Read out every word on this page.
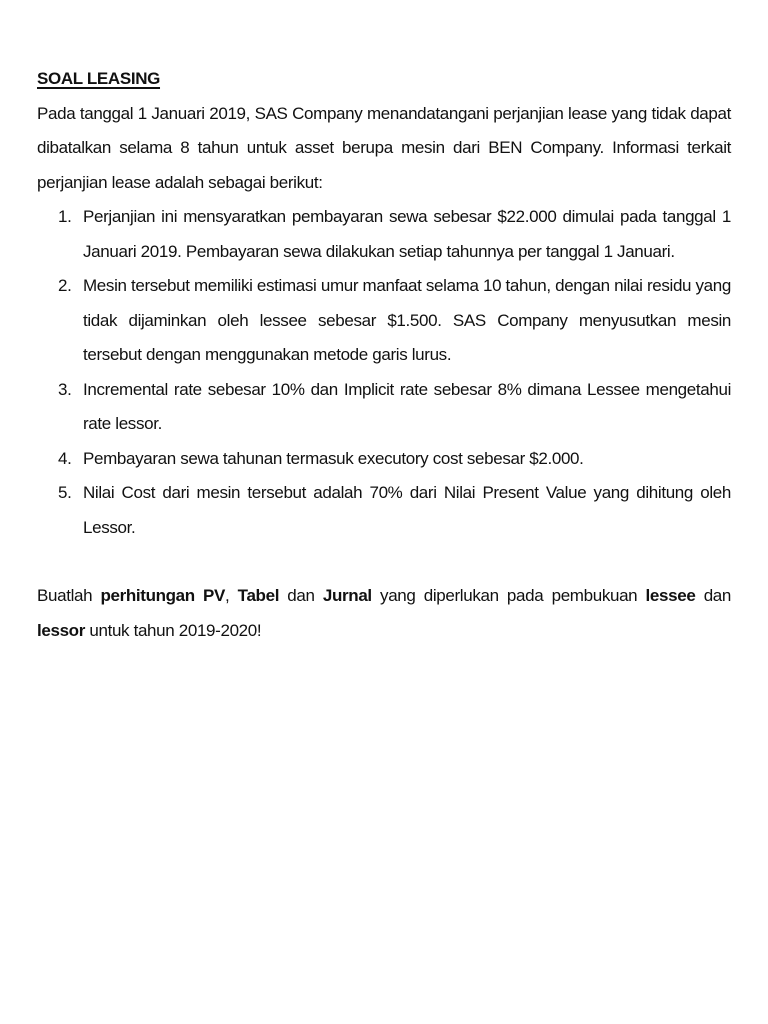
SOAL LEASING

Pada tanggal 1 Januari 2019, SAS Company menandatangani perjanjian lease yang tidak dapat dibatalkan selama 8 tahun untuk asset berupa mesin dari BEN Company. Informasi terkait perjanjian lease adalah sebagai berikut:

1. Perjanjian ini mensyaratkan pembayaran sewa sebesar $22.000 dimulai pada tanggal 1 Januari 2019. Pembayaran sewa dilakukan setiap tahunnya per tanggal 1 Januari.
2. Mesin tersebut memiliki estimasi umur manfaat selama 10 tahun, dengan nilai residu yang tidak dijaminkan oleh lessee sebesar $1.500. SAS Company menyusutkan mesin tersebut dengan menggunakan metode garis lurus.
3. Incremental rate sebesar 10% dan Implicit rate sebesar 8% dimana Lessee mengetahui rate lessor.
4. Pembayaran sewa tahunan termasuk executory cost sebesar $2.000.
5. Nilai Cost dari mesin tersebut adalah 70% dari Nilai Present Value yang dihitung oleh Lessor.

Buatlah perhitungan PV, Tabel dan Jurnal yang diperlukan pada pembukuan lessee dan lessor untuk tahun 2019-2020!
